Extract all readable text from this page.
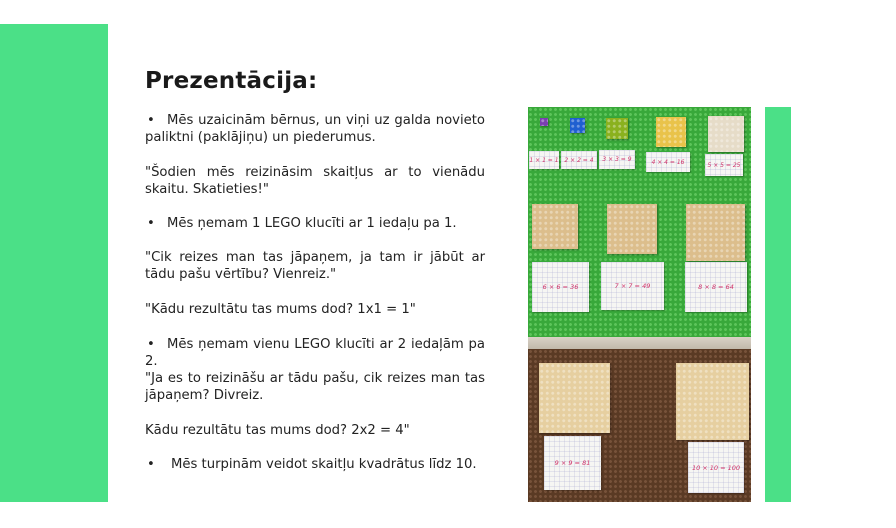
Prezentācija:

• Mēs uzaicinām bērnus, un viņi uz galda novieto paliktni (paklājiņu) un piederumus.

"Šodien mēs reizināsim skaitļus ar to vienādu skaitu. Skatieties!"

• Mēs ņemam 1 LEGO klucīti ar 1 iedaļu pa 1.

"Cik reizes man tas jāpaņem, ja tam ir jābūt ar tādu pašu vērtību? Vienreiz."

"Kādu rezultātu tas mums dod? 1x1 = 1"

• Mēs ņemam vienu LEGO klucīti ar 2 iedaļām pa 2.

"Ja es to reizināšu ar tādu pašu, cik reizes man tas jāpaņem? Divreiz.

Kādu rezultātu tas mums dod? 2x2 = 4"

• Mēs turpinām veidot skaitļu kvadrātus līdz 10.

1 × 1 = 1 2 × 2 = 4 3 × 3 = 9	4 × 4 = 16	5 × 5 = 25
6 × 6 = 36	7 × 7 = 49	8 × 8 = 64
9 × 9 = 81
10 × 10 = 100
